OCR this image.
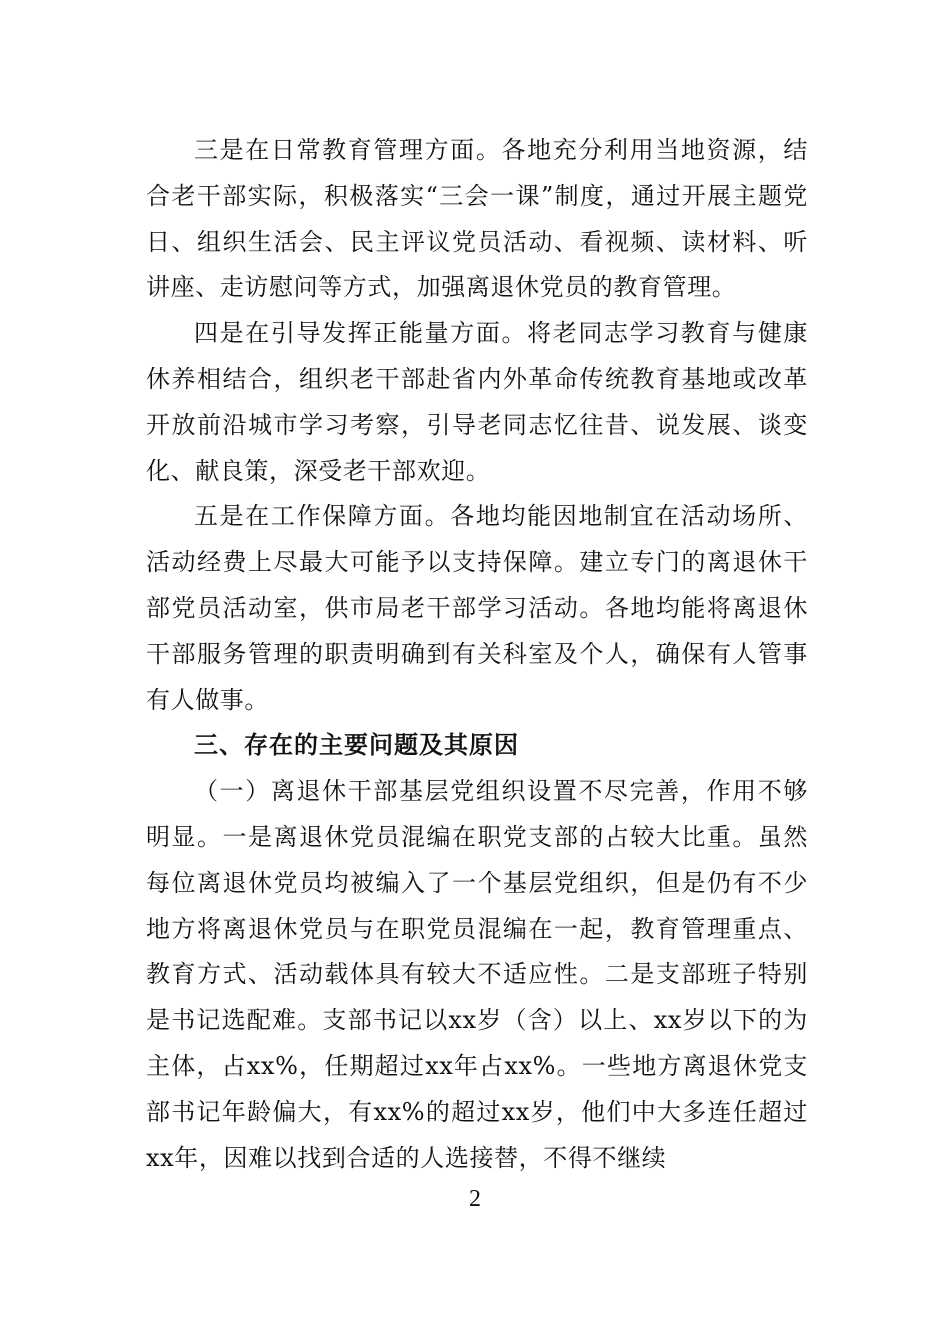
三是在日常教育管理方面。各地充分利用当地资源，结合老干部实际，积极落实“三会一课”制度，通过开展主题党日、组织生活会、民主评议党员活动、看视频、读材料、听讲座、走访慰问等方式，加强离退休党员的教育管理。

四是在引导发挥正能量方面。将老同志学习教育与健康休养相结合，组织老干部赴省内外革命传统教育基地或改革开放前沿城市学习考察，引导老同志忆往昔、说发展、谈变化、献良策，深受老干部欢迎。

五是在工作保障方面。各地均能因地制宜在活动场所、活动经费上尽最大可能予以支持保障。建立专门的离退休干部党员活动室，供市局老干部学习活动。各地均能将离退休干部服务管理的职责明确到有关科室及个人，确保有人管事有人做事。

三、存在的主要问题及其原因

（一）离退休干部基层党组织设置不尽完善，作用不够明显。一是离退休党员混编在职党支部的占较大比重。虽然每位离退休党员均被编入了一个基层党组织，但是仍有不少地方将离退休党员与在职党员混编在一起，教育管理重点、教育方式、活动载体具有较大不适应性。二是支部班子特别是书记选配难。支部书记以xx岁（含）以上、xx岁以下的为主体，占xx%，任期超过xx年占xx%。一些地方离退休党支部书记年龄偏大，有xx%的超过xx岁，他们中大多连任超过xx年，因难以找到合适的人选接替，不得不继续

2
